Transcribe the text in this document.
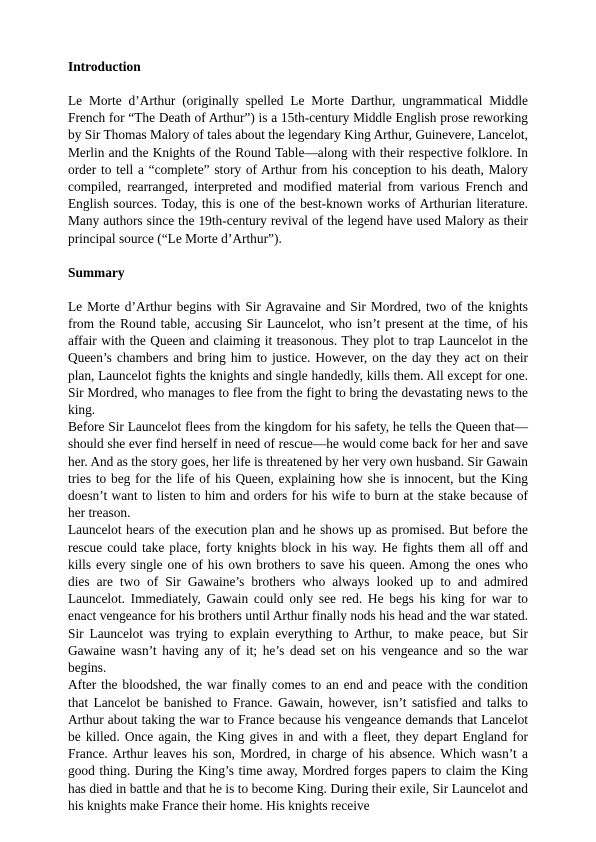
Introduction

Le Morte d’Arthur (originally spelled Le Morte Darthur, ungrammatical Middle French for “The Death of Arthur”) is a 15th-century Middle English prose reworking by Sir Thomas Malory of tales about the legendary King Arthur, Guinevere, Lancelot, Merlin and the Knights of the Round Table—along with their respective folklore. In order to tell a “complete” story of Arthur from his conception to his death, Malory compiled, rearranged, interpreted and modified material from various French and English sources. Today, this is one of the best-known works of Arthurian literature. Many authors since the 19th-century revival of the legend have used Malory as their principal source (“Le Morte d’Arthur”).

Summary

Le Morte d’Arthur begins with Sir Agravaine and Sir Mordred, two of the knights from the Round table, accusing Sir Launcelot, who isn’t present at the time, of his affair with the Queen and claiming it treasonous. They plot to trap Launcelot in the Queen’s chambers and bring him to justice. However, on the day they act on their plan, Launcelot fights the knights and single handedly, kills them. All except for one. Sir Mordred, who manages to flee from the fight to bring the devastating news to the king.

Before Sir Launcelot flees from the kingdom for his safety, he tells the Queen that—should she ever find herself in need of rescue—he would come back for her and save her. And as the story goes, her life is threatened by her very own husband. Sir Gawain tries to beg for the life of his Queen, explaining how she is innocent, but the King doesn’t want to listen to him and orders for his wife to burn at the stake because of her treason.

Launcelot hears of the execution plan and he shows up as promised. But before the rescue could take place, forty knights block in his way. He fights them all off and kills every single one of his own brothers to save his queen. Among the ones who dies are two of Sir Gawaine’s brothers who always looked up to and admired Launcelot. Immediately, Gawain could only see red. He begs his king for war to enact vengeance for his brothers until Arthur finally nods his head and the war stated. Sir Launcelot was trying to explain everything to Arthur, to make peace, but Sir Gawaine wasn’t having any of it; he’s dead set on his vengeance and so the war begins.

After the bloodshed, the war finally comes to an end and peace with the condition that Lancelot be banished to France. Gawain, however, isn’t satisfied and talks to Arthur about taking the war to France because his vengeance demands that Lancelot be killed. Once again, the King gives in and with a fleet, they depart England for France. Arthur leaves his son, Mordred, in charge of his absence. Which wasn’t a good thing. During the King’s time away, Mordred forges papers to claim the King has died in battle and that he is to become King. During their exile, Sir Launcelot and his knights make France their home. His knights receive
